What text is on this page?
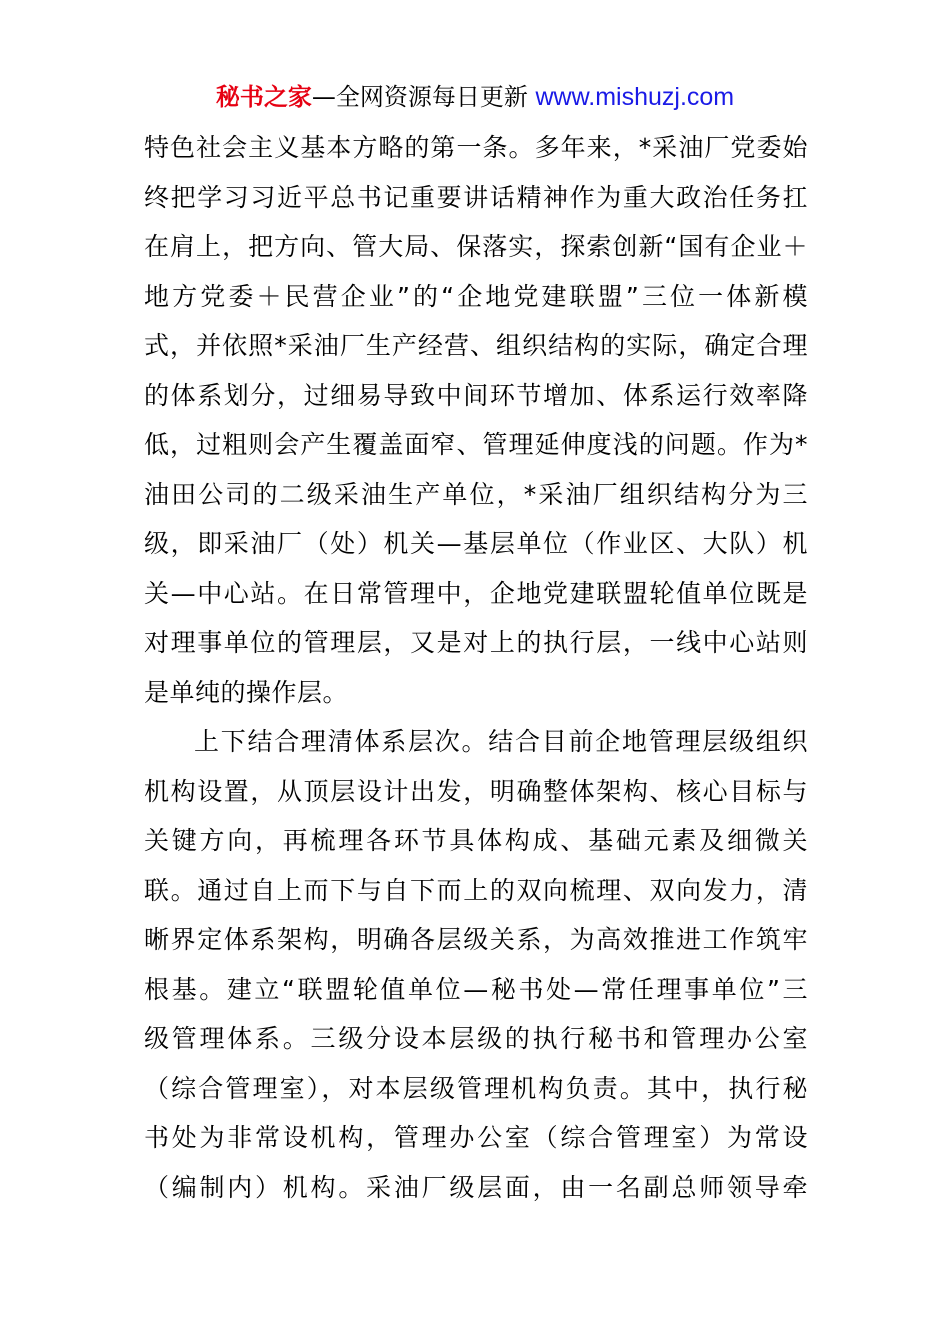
秘书之家—全网资源每日更新 www.mishuzj.com
特色社会主义基本方略的第一条。多年来，*采油厂党委始
终把学习习近平总书记重要讲话精神作为重大政治任务扛
在肩上，把方向、管大局、保落实，探索创新“国有企业＋
地方党委＋民营企业”的“企地党建联盟”三位一体新模
式，并依照*采油厂生产经营、组织结构的实际，确定合理
的体系划分，过细易导致中间环节增加、体系运行效率降
低，过粗则会产生覆盖面窄、管理延伸度浅的问题。作为*
油田公司的二级采油生产单位，*采油厂组织结构分为三
级，即采油厂（处）机关—基层单位（作业区、大队）机
关—中心站。在日常管理中，企地党建联盟轮值单位既是
对理事单位的管理层，又是对上的执行层，一线中心站则
是单纯的操作层。
上下结合理清体系层次。结合目前企地管理层级组织
机构设置，从顶层设计出发，明确整体架构、核心目标与
关键方向，再梳理各环节具体构成、基础元素及细微关
联。通过自上而下与自下而上的双向梳理、双向发力，清
晰界定体系架构，明确各层级关系，为高效推进工作筑牢
根基。建立“联盟轮值单位—秘书处—常任理事单位”三
级管理体系。三级分设本层级的执行秘书和管理办公室
（综合管理室），对本层级管理机构负责。其中，执行秘
书处为非常设机构，管理办公室（综合管理室）为常设
（编制内）机构。采油厂级层面，由一名副总师领导牵
